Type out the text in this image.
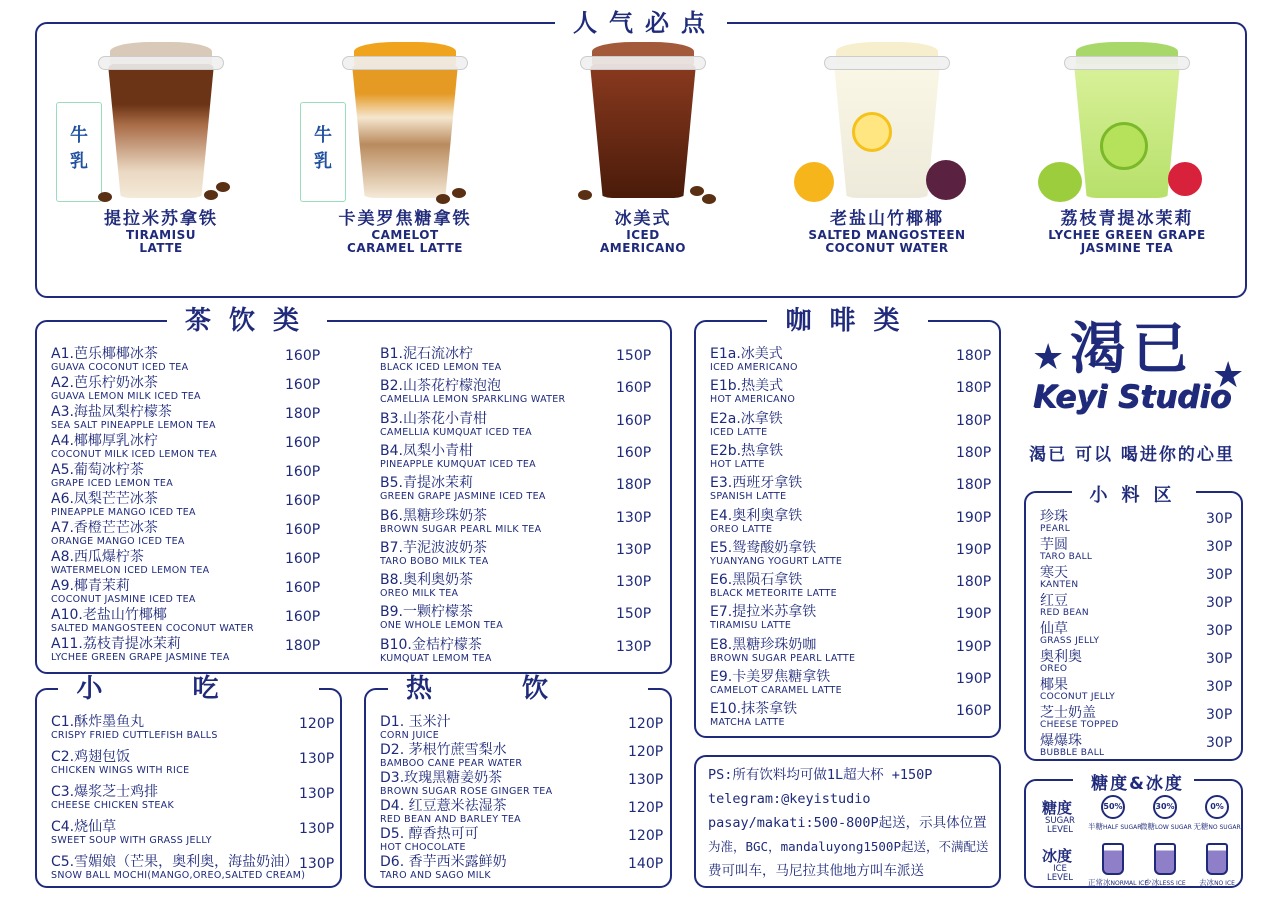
人气必点
牛
乳
提拉米苏拿铁
TIRAMISU
LATTE
牛
乳
卡美罗焦糖拿铁
CAMELOT
CARAMEL LATTE
冰美式
ICED
AMERICANO
老盐山竹椰椰
SALTED MANGOSTEEN
COCONUT WATER
荔枝青提冰茉莉
LYCHEE GREEN GRAPE
JASMINE TEA
茶饮类
A1.芭乐椰椰冰茶
GUAVA COCONUT ICED TEA
160P
A2.芭乐柠奶冰茶
GUAVA LEMON MILK ICED TEA
160P
A3.海盐凤梨柠檬茶
SEA SALT PINEAPPLE LEMON TEA
180P
A4.椰椰厚乳冰柠
COCONUT MILK ICED LEMON TEA
160P
A5.葡萄冰柠茶
GRAPE ICED LEMON TEA
160P
A6.凤梨芒芒冰茶
PINEAPPLE MANGO ICED TEA
160P
A7.香橙芒芒冰茶
ORANGE MANGO ICED TEA
160P
A8.西瓜爆柠茶
WATERMELON ICED LEMON TEA
160P
A9.椰青茉莉
COCONUT JASMINE ICED TEA
160P
A10.老盐山竹椰椰
SALTED MANGOSTEEN COCONUT WATER
160P
A11.荔枝青提冰茉莉
LYCHEE GREEN GRAPE JASMINE TEA
180P
B1.泥石流冰柠
BLACK ICED LEMON TEA
150P
B2.山茶花柠檬泡泡
CAMELLIA LEMON SPARKLING WATER
160P
B3.山茶花小青柑
CAMELLIA KUMQUAT ICED TEA
160P
B4.凤梨小青柑
PINEAPPLE KUMQUAT ICED TEA
160P
B5.青提冰茉莉
GREEN GRAPE JASMINE ICED TEA
180P
B6.黑糖珍珠奶茶
BROWN SUGAR PEARL MILK TEA
130P
B7.芋泥波波奶茶
TARO BOBO MILK TEA
130P
B8.奥利奥奶茶
OREO MILK TEA
130P
B9.一颗柠檬茶
ONE WHOLE LEMON TEA
150P
B10.金桔柠檬茶
KUMQUAT LEMOM TEA
130P
咖啡类
E1a.冰美式
ICED AMERICANO
180P
E1b.热美式
HOT AMERICANO
180P
E2a.冰拿铁
ICED LATTE
180P
E2b.热拿铁
HOT LATTE
180P
E3.西班牙拿铁
SPANISH LATTE
180P
E4.奥利奥拿铁
OREO LATTE
190P
E5.鸳鸯酸奶拿铁
YUANYANG YOGURT LATTE
190P
E6.黑陨石拿铁
BLACK METEORITE LATTE
180P
E7.提拉米苏拿铁
TIRAMISU LATTE
190P
E8.黑糖珍珠奶咖
BROWN SUGAR PEARL LATTE
190P
E9.卡美罗焦糖拿铁
CAMELOT CARAMEL LATTE
190P
E10.抹茶拿铁
MATCHA LATTE
160P
小吃
C1.酥炸墨鱼丸
CRISPY FRIED CUTTLEFISH BALLS
120P
C2.鸡翅包饭
CHICKEN WINGS WITH RICE
130P
C3.爆浆芝士鸡排
CHEESE CHICKEN STEAK
130P
C4.烧仙草
SWEET SOUP WITH GRASS JELLY
130P
C5.雪媚娘（芒果，奥利奥，海盐奶油）
SNOW BALL MOCHI(MANGO,OREO,SALTED CREAM)
130P
热饮
D1. 玉米汁
CORN JUICE
120P
D2. 茅根竹蔗雪梨水
BAMBOO CANE PEAR WATER
120P
D3.玫瑰黑糖姜奶茶
BROWN SUGAR ROSE GINGER TEA
130P
D4. 红豆薏米祛湿茶
RED BEAN AND BARLEY TEA
120P
D5. 醇香热可可
HOT CHOCOLATE
120P
D6. 香芋西米露鲜奶
TARO AND SAGO MILK
140P
PS:所有饮料均可做1L超大杯 +150P
telegram:@keyistudio
pasay/makati:500-800P起送，示具体位置
为准，BGC，mandaluyong1500P起送，不满配送
费可叫车，马尼拉其他地方叫车派送
★ 渴已 ★
Keyi Studio
渴已 可以 喝进你的心里
小料区
珍珠
PEARL
30P
芋圆
TARO BALL
30P
寒天
KANTEN
30P
红豆
RED BEAN
30P
仙草
GRASS JELLY
30P
奥利奥
OREO
30P
椰果
COCONUT JELLY
30P
芝士奶盖
CHEESE TOPPED
30P
爆爆珠
BUBBLE BALL
30P
糖度&冰度
糖度
SUGAR LEVEL
50%
半糖HALF SUGAR
30%
微糖LOW SUGAR
0%
无糖NO SUGAR
冰度
ICE LEVEL	正常冰NORMAL ICE
少冰LESS ICE	去冰NO ICE
